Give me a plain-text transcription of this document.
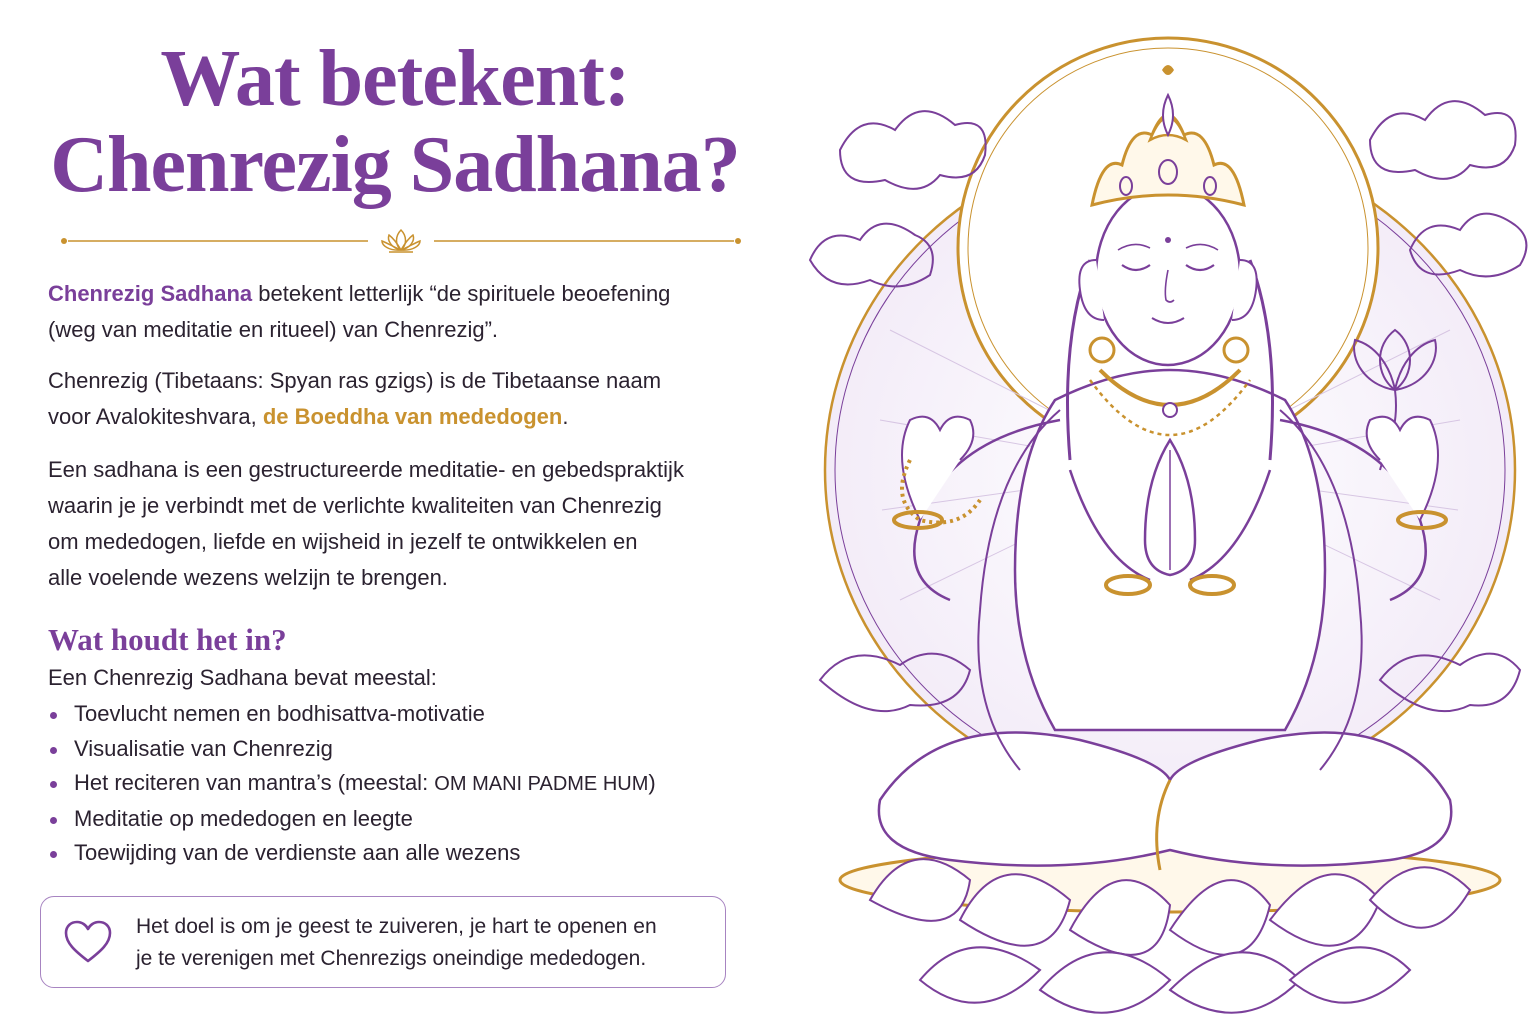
Wat betekent:
Chenrezig Sadhana?

Chenrezig Sadhana betekent letterlijk “de spirituele beoefening
(weg van meditatie en ritueel) van Chenrezig”.

Chenrezig (Tibetaans: Spyan ras gzigs) is de Tibetaanse naam
voor Avalokiteshvara, de Boeddha van mededogen.

Een sadhana is een gestructureerde meditatie- en gebedspraktijk
waarin je je verbindt met de verlichte kwaliteiten van Chenrezig
om mededogen, liefde en wijsheid in jezelf te ontwikkelen en
alle voelende wezens welzijn te brengen.

Wat houdt het in?

Een Chenrezig Sadhana bevat meestal:

Toevlucht nemen en bodhisattva-motivatie
Visualisatie van Chenrezig
Het reciteren van mantra’s (meestal: OM MANI PADME HUM)
Meditatie op mededogen en leegte
Toewijding van de verdienste aan alle wezens

Het doel is om je geest te zuiveren, je hart te openen en
je te verenigen met Chenrezigs oneindige mededogen.
